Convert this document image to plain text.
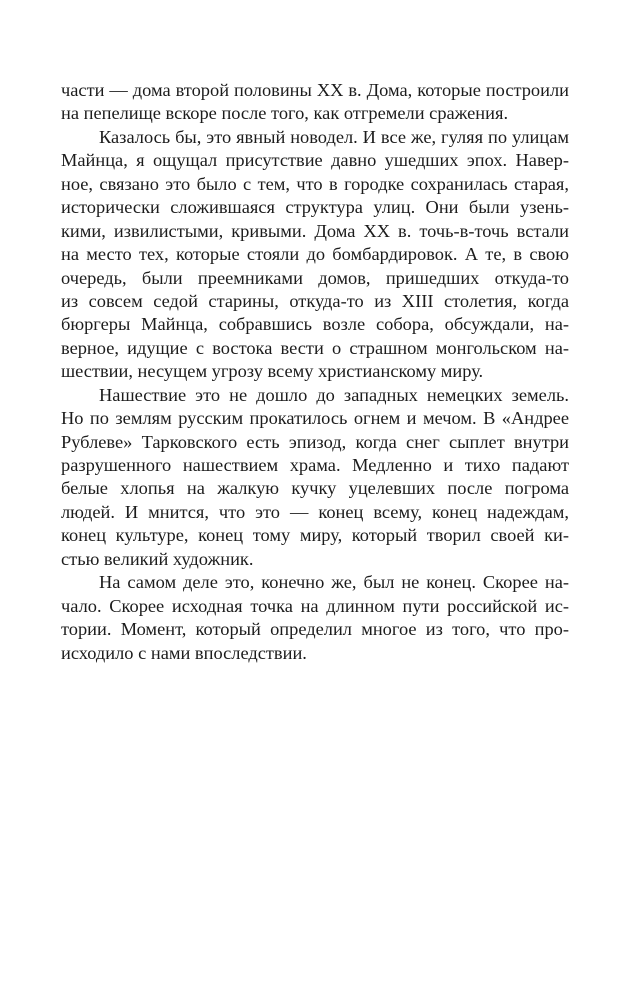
части — дома второй половины XX в. Дома, которые построили
на пепелище вскоре после того, как отгремели сражения.
Казалось бы, это явный новодел. И все же, гуляя по улицам
Майнца, я ощущал присутствие давно ушедших эпох. Навер-
ное, связано это было с тем, что в городке сохранилась старая,
исторически сложившаяся структура улиц. Они были узень-
кими, извилистыми, кривыми. Дома XX в. точь-в-точь встали
на место тех, которые стояли до бомбардировок. А те, в свою
очередь, были преемниками домов, пришедших откуда-то
из совсем седой старины, откуда-то из XIII столетия, когда
бюргеры Майнца, собравшись возле собора, обсуждали, на-
верное, идущие с востока вести о страшном монгольском на-
шествии, несущем угрозу всему христианскому миру.
Нашествие это не дошло до западных немецких земель.
Но по землям русским прокатилось огнем и мечом. В «Андрее
Рублеве» Тарковского есть эпизод, когда снег сыплет внутри
разрушенного нашествием храма. Медленно и тихо падают
белые хлопья на жалкую кучку уцелевших после погрома
людей. И мнится, что это — конец всему, конец надеждам,
конец культуре, конец тому миру, который творил своей ки-
стью великий художник.
На самом деле это, конечно же, был не конец. Скорее на-
чало. Скорее исходная точка на длинном пути российской ис-
тории. Момент, который определил многое из того, что про-
исходило с нами впоследствии.
